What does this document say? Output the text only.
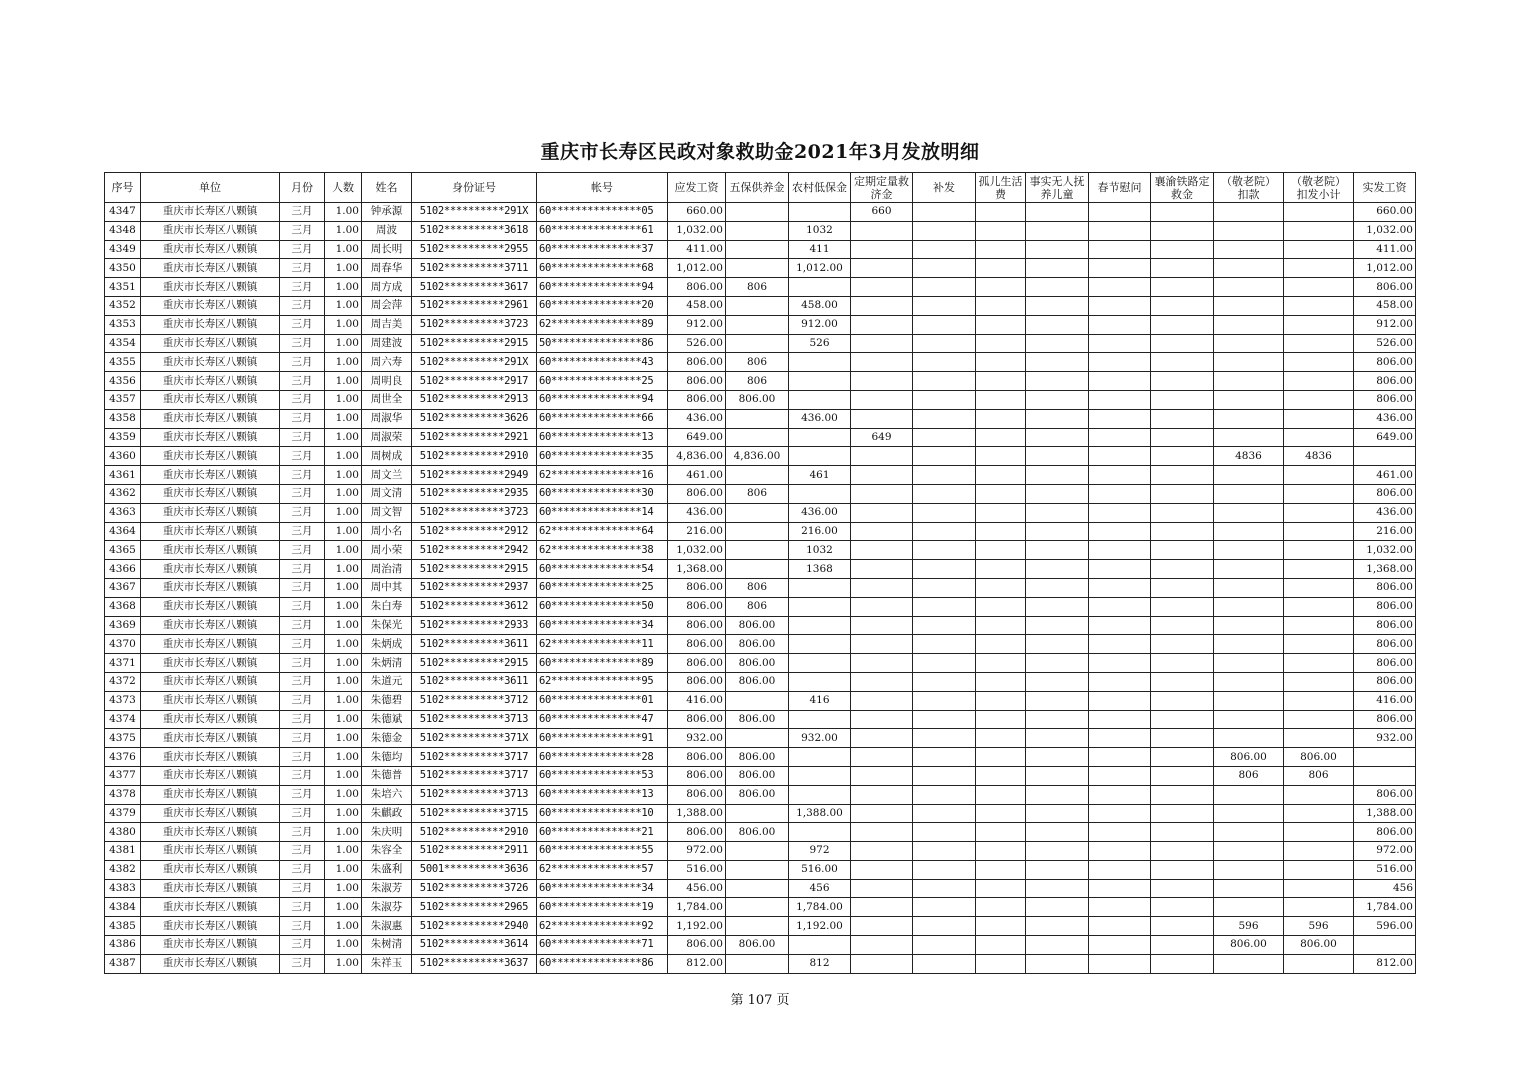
重庆市长寿区民政对象救助金2021年3月发放明细
序号	单位	月份	人数	姓名	身份证号	帐号	应发工资	五保供养金	农村低保金	定期定量救济金	补发	孤儿生活费	事实无人抚养儿童	春节慰问	襄渝铁路定救金	（敬老院）扣款	（敬老院）扣发小计	实发工资
4347	重庆市长寿区八颗镇	三月	1.00	钟承源	5102**********291X	60***************05	660.00			660								660.00
4348	重庆市长寿区八颗镇	三月	1.00	周波	5102**********3618	60***************61	1,032.00		1032									1,032.00
4349	重庆市长寿区八颗镇	三月	1.00	周长明	5102**********2955	60***************37	411.00		411									411.00
4350	重庆市长寿区八颗镇	三月	1.00	周春华	5102**********3711	60***************68	1,012.00		1,012.00									1,012.00
4351	重庆市长寿区八颗镇	三月	1.00	周方成	5102**********3617	60***************94	806.00	806										806.00
4352	重庆市长寿区八颗镇	三月	1.00	周会萍	5102**********2961	60***************20	458.00		458.00									458.00
4353	重庆市长寿区八颗镇	三月	1.00	周吉美	5102**********3723	62***************89	912.00		912.00									912.00
4354	重庆市长寿区八颗镇	三月	1.00	周建波	5102**********2915	50***************86	526.00		526									526.00
4355	重庆市长寿区八颗镇	三月	1.00	周六寿	5102**********291X	60***************43	806.00	806										806.00
4356	重庆市长寿区八颗镇	三月	1.00	周明良	5102**********2917	60***************25	806.00	806										806.00
4357	重庆市长寿区八颗镇	三月	1.00	周世全	5102**********2913	60***************94	806.00	806.00										806.00
4358	重庆市长寿区八颗镇	三月	1.00	周淑华	5102**********3626	60***************66	436.00		436.00									436.00
4359	重庆市长寿区八颗镇	三月	1.00	周淑荣	5102**********2921	60***************13	649.00			649								649.00
4360	重庆市长寿区八颗镇	三月	1.00	周树成	5102**********2910	60***************35	4,836.00	4,836.00								4836	4836	
4361	重庆市长寿区八颗镇	三月	1.00	周文兰	5102**********2949	62***************16	461.00		461									461.00
4362	重庆市长寿区八颗镇	三月	1.00	周文清	5102**********2935	60***************30	806.00	806										806.00
4363	重庆市长寿区八颗镇	三月	1.00	周文智	5102**********3723	60***************14	436.00		436.00									436.00
4364	重庆市长寿区八颗镇	三月	1.00	周小名	5102**********2912	62***************64	216.00		216.00									216.00
4365	重庆市长寿区八颗镇	三月	1.00	周小荣	5102**********2942	62***************38	1,032.00		1032									1,032.00
4366	重庆市长寿区八颗镇	三月	1.00	周治清	5102**********2915	60***************54	1,368.00		1368									1,368.00
4367	重庆市长寿区八颗镇	三月	1.00	周中其	5102**********2937	60***************25	806.00	806										806.00
4368	重庆市长寿区八颗镇	三月	1.00	朱白寿	5102**********3612	60***************50	806.00	806										806.00
4369	重庆市长寿区八颗镇	三月	1.00	朱保光	5102**********2933	60***************34	806.00	806.00										806.00
4370	重庆市长寿区八颗镇	三月	1.00	朱炳成	5102**********3611	62***************11	806.00	806.00										806.00
4371	重庆市长寿区八颗镇	三月	1.00	朱炳清	5102**********2915	60***************89	806.00	806.00										806.00
4372	重庆市长寿区八颗镇	三月	1.00	朱道元	5102**********3611	62***************95	806.00	806.00										806.00
4373	重庆市长寿区八颗镇	三月	1.00	朱德碧	5102**********3712	60***************01	416.00		416									416.00
4374	重庆市长寿区八颗镇	三月	1.00	朱德斌	5102**********3713	60***************47	806.00	806.00										806.00
4375	重庆市长寿区八颗镇	三月	1.00	朱德金	5102**********371X	60***************91	932.00		932.00									932.00
4376	重庆市长寿区八颗镇	三月	1.00	朱德均	5102**********3717	60***************28	806.00	806.00								806.00	806.00	
4377	重庆市长寿区八颗镇	三月	1.00	朱德普	5102**********3717	60***************53	806.00	806.00								806	806	
4378	重庆市长寿区八颗镇	三月	1.00	朱培六	5102**********3713	60***************13	806.00	806.00										806.00
4379	重庆市长寿区八颗镇	三月	1.00	朱麒政	5102**********3715	60***************10	1,388.00		1,388.00									1,388.00
4380	重庆市长寿区八颗镇	三月	1.00	朱庆明	5102**********2910	60***************21	806.00	806.00										806.00
4381	重庆市长寿区八颗镇	三月	1.00	朱容全	5102**********2911	60***************55	972.00		972									972.00
4382	重庆市长寿区八颗镇	三月	1.00	朱盛利	5001**********3636	62***************57	516.00		516.00									516.00
4383	重庆市长寿区八颗镇	三月	1.00	朱淑芳	5102**********3726	60***************34	456.00		456									456
4384	重庆市长寿区八颗镇	三月	1.00	朱淑芬	5102**********2965	60***************19	1,784.00		1,784.00									1,784.00
4385	重庆市长寿区八颗镇	三月	1.00	朱淑惠	5102**********2940	62***************92	1,192.00		1,192.00							596	596	596.00
4386	重庆市长寿区八颗镇	三月	1.00	朱树清	5102**********3614	60***************71	806.00	806.00								806.00	806.00	
4387	重庆市长寿区八颗镇	三月	1.00	朱祥玉	5102**********3637	60***************86	812.00		812									812.00
第 107 页
